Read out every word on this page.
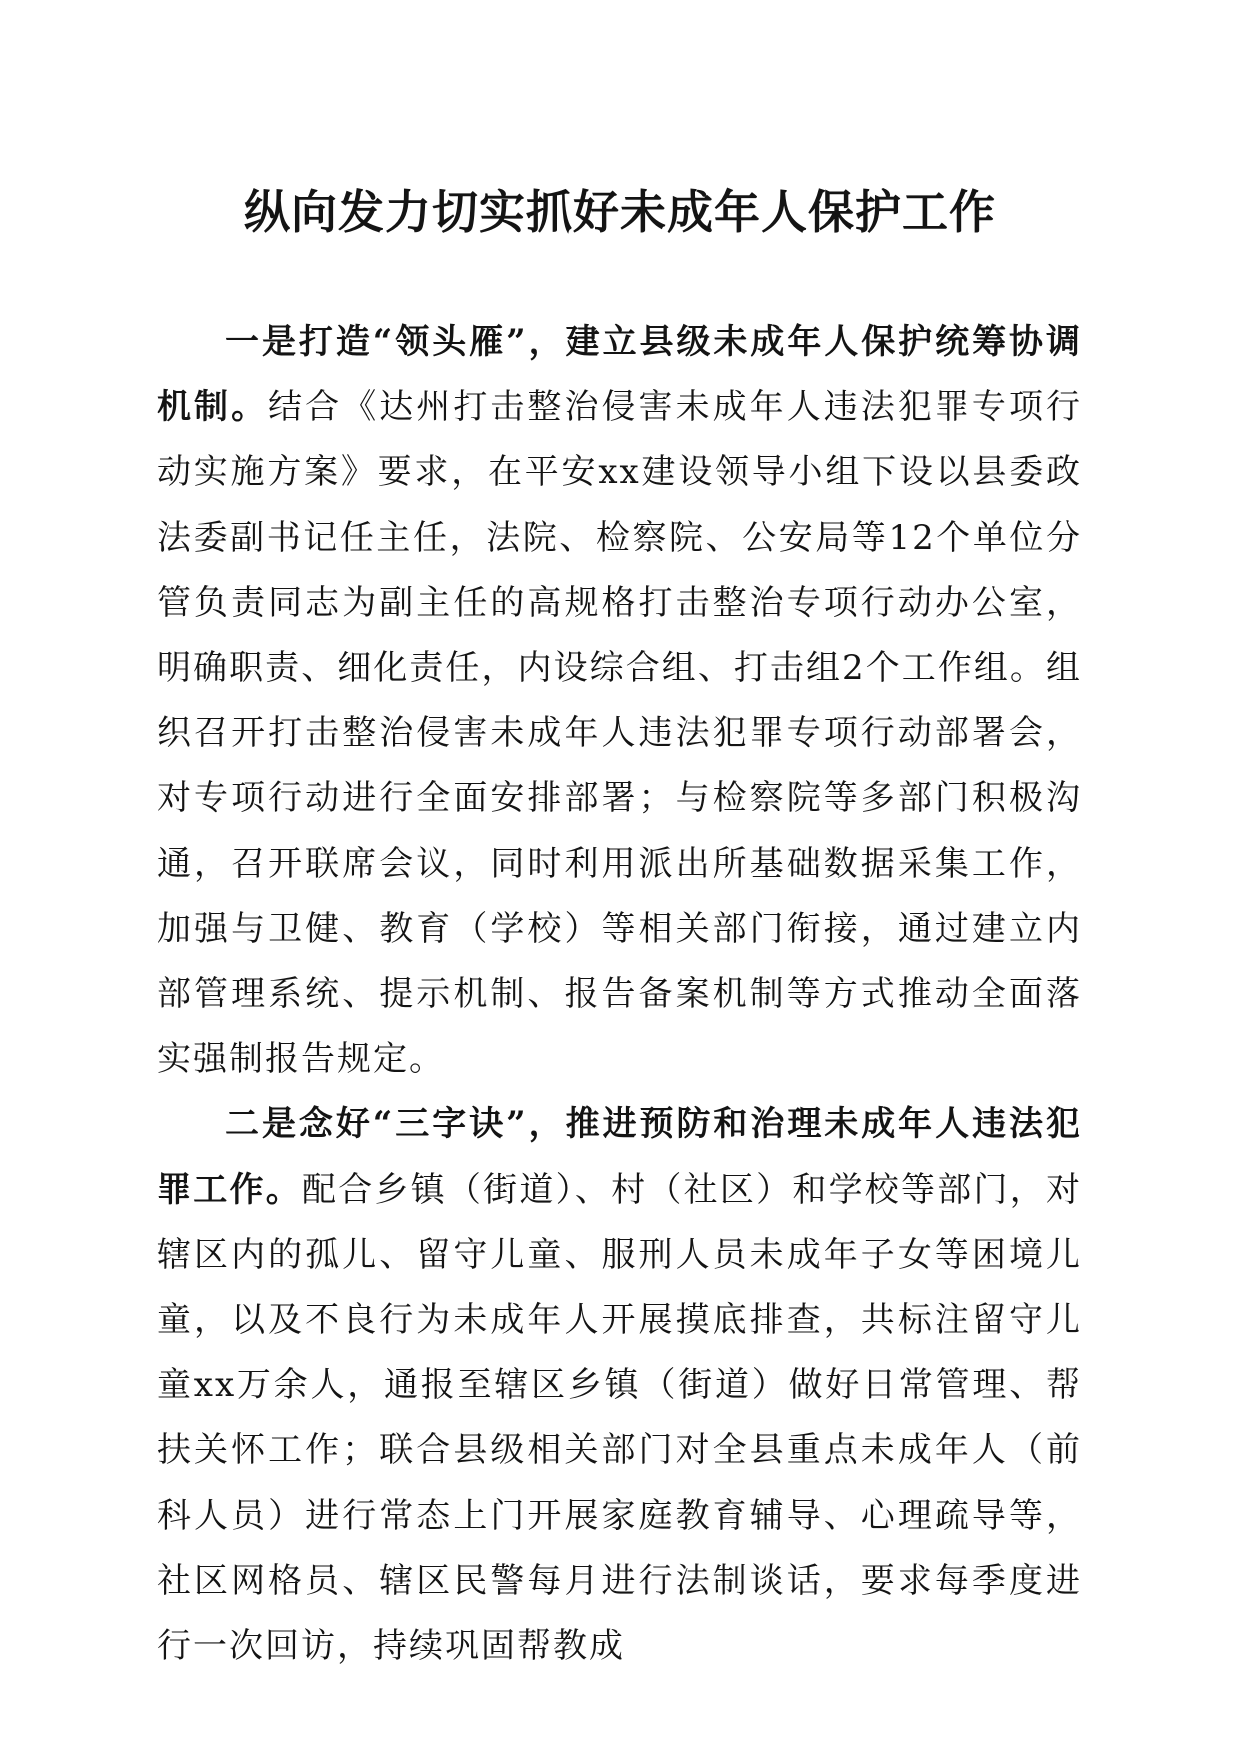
纵向发力切实抓好未成年人保护工作

一是打造“领头雁”，建立县级未成年人保护统筹协调机制。结合《达州打击整治侵害未成年人违法犯罪专项行动实施方案》要求，在平安xx建设领导小组下设以县委政法委副书记任主任，法院、检察院、公安局等12个单位分管负责同志为副主任的高规格打击整治专项行动办公室，明确职责、细化责任，内设综合组、打击组2个工作组。组织召开打击整治侵害未成年人违法犯罪专项行动部署会，对专项行动进行全面安排部署；与检察院等多部门积极沟通，召开联席会议，同时利用派出所基础数据采集工作，加强与卫健、教育（学校）等相关部门衔接，通过建立内部管理系统、提示机制、报告备案机制等方式推动全面落实强制报告规定。

二是念好“三字诀”，推进预防和治理未成年人违法犯罪工作。配合乡镇（街道）、村（社区）和学校等部门，对辖区内的孤儿、留守儿童、服刑人员未成年子女等困境儿童，以及不良行为未成年人开展摸底排查，共标注留守儿童xx万余人，通报至辖区乡镇（街道）做好日常管理、帮扶关怀工作；联合县级相关部门对全县重点未成年人（前科人员）进行常态上门开展家庭教育辅导、心理疏导等，社区网格员、辖区民警每月进行法制谈话，要求每季度进行一次回访，持续巩固帮教成
